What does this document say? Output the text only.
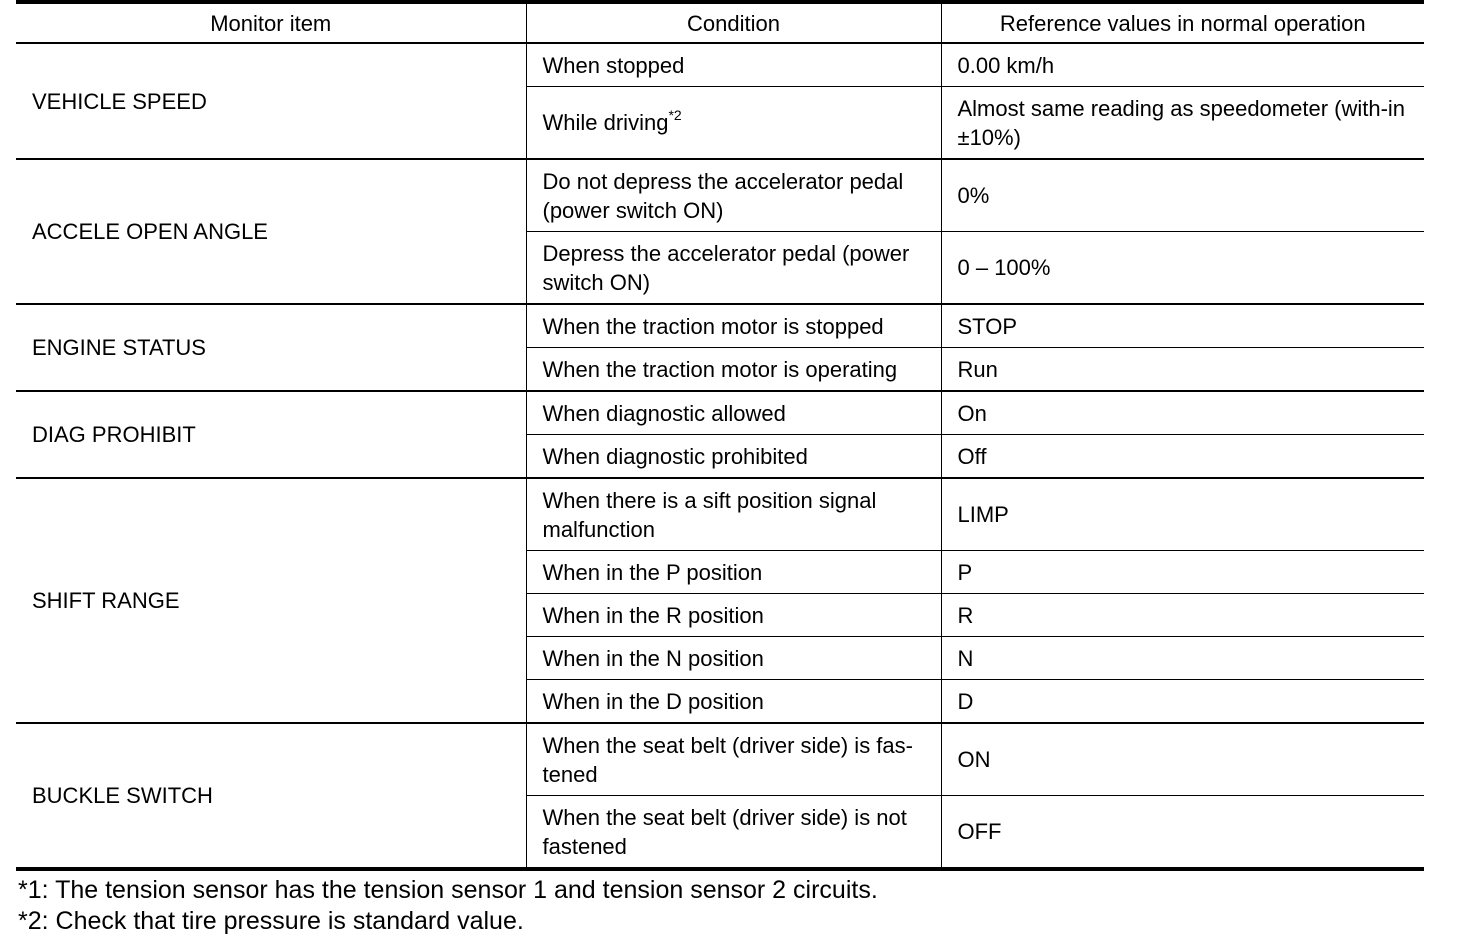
Monitor item	Condition	Reference values in normal operation
VEHICLE SPEED	When stopped	0.00 km/h
	While driving$^{*2}$	Almost same reading as speedometer (with-in ±10%)
ACCELE OPEN ANGLE	Do not depress the accelerator pedal (power switch ON)	0%
	Depress the accelerator pedal (power switch ON)	0 – 100%
ENGINE STATUS	When the traction motor is stopped	STOP
	When the traction motor is operating	Run
DIAG PROHIBIT	When diagnostic allowed	On
	When diagnostic prohibited	Off
SHIFT RANGE	When there is a sift position signal malfunction	LIMP
	When in the P position	P
	When in the R position	R
	When in the N position	N
	When in the D position	D
BUCKLE SWITCH	When the seat belt (driver side) is fas-tened	ON
	When the seat belt (driver side) is not fastened	OFF
*1: The tension sensor has the tension sensor 1 and tension sensor 2 circuits.
*2: Check that tire pressure is standard value.
